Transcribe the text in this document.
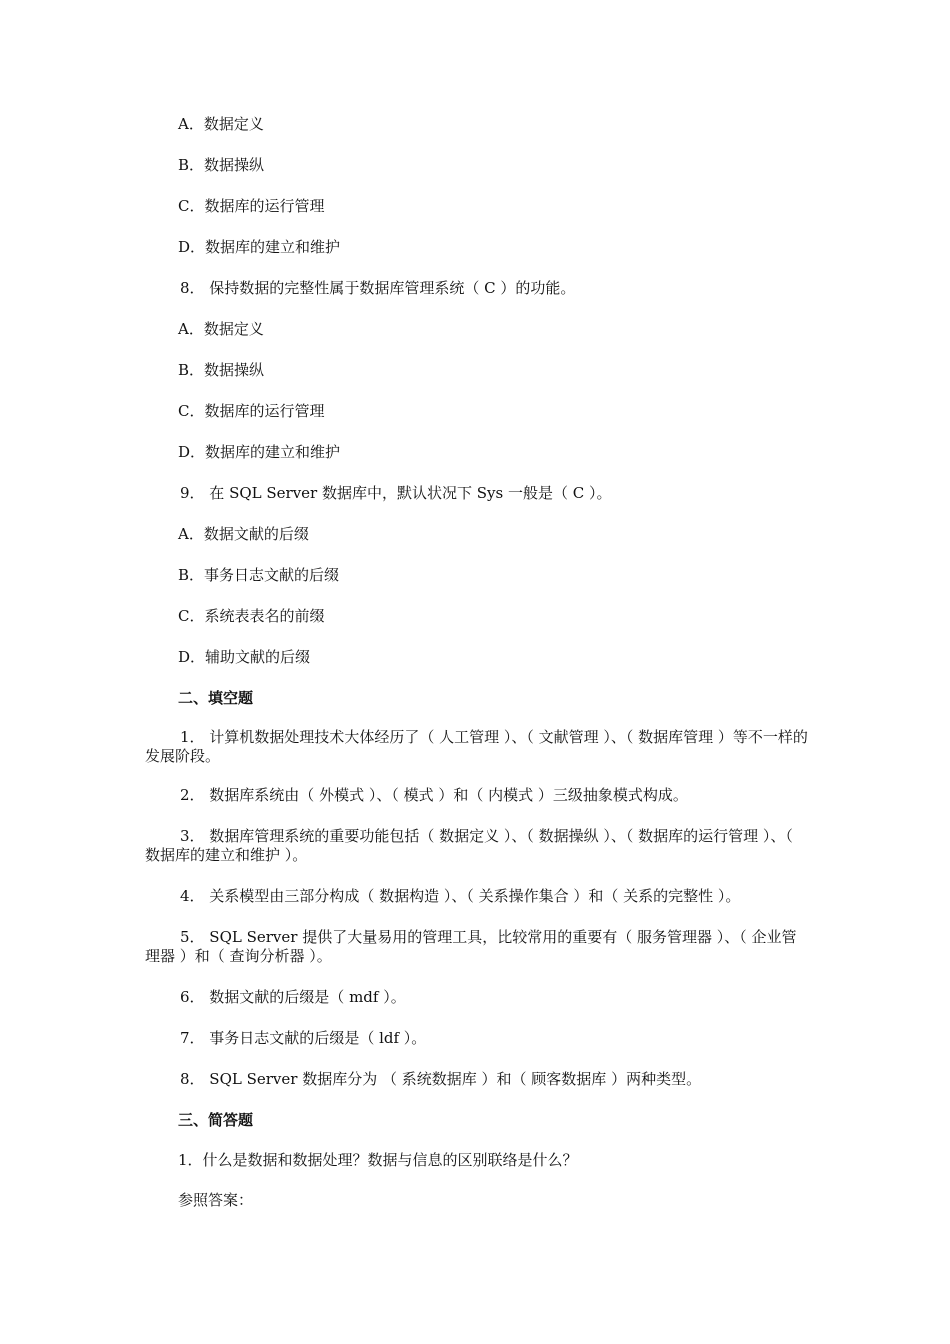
A．数据定义
B．数据操纵
C．数据库的运行管理
D．数据库的建立和维护
8． 保持数据的完整性属于数据库管理系统（ C ）的功能。
A．数据定义
B．数据操纵
C．数据库的运行管理
D．数据库的建立和维护
9． 在 SQL Server 数据库中，默认状况下 Sys 一般是（ C ）。
A．数据文献的后缀
B．事务日志文献的后缀
C．系统表表名的前缀
D．辅助文献的后缀
二、填空题
1． 计算机数据处理技术大体经历了（ 人工管理 ）、（ 文献管理 ）、（ 数据库管理 ）等不一样的发展阶段。
2． 数据库系统由（ 外模式 ）、（ 模式 ）和（ 内模式 ）三级抽象模式构成。
3． 数据库管理系统的重要功能包括（ 数据定义 ）、（ 数据操纵 ）、（ 数据库的运行管理 ）、（ 数据库的建立和维护 ）。
4． 关系模型由三部分构成（ 数据构造 ）、（ 关系操作集合 ）和（ 关系的完整性 ）。
5． SQL Server 提供了大量易用的管理工具，比较常用的重要有（ 服务管理器 ）、（ 企业管理器 ）和（ 查询分析器 ）。
6． 数据文献的后缀是（ mdf ）。
7． 事务日志文献的后缀是（ ldf ）。
8． SQL Server 数据库分为 （ 系统数据库 ）和（ 顾客数据库 ）两种类型。
三、简答题
1．什么是数据和数据处理？数据与信息的区别联络是什么？
参照答案：
